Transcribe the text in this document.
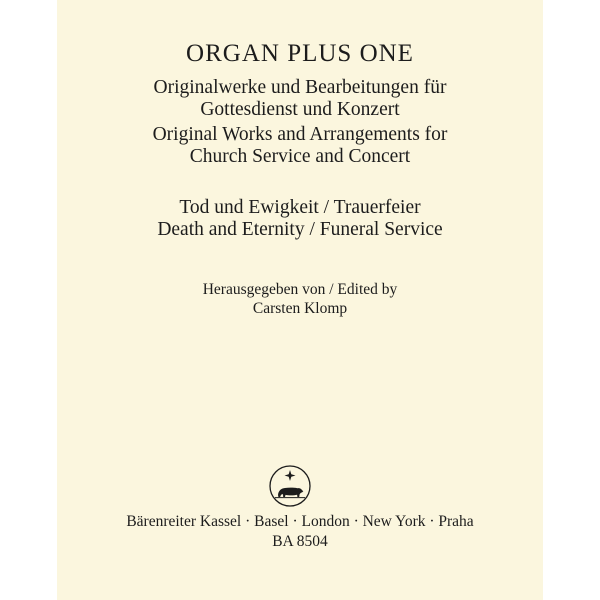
ORGAN PLUS ONE
Originalwerke und Bearbeitungen für
Gottesdienst und Konzert
Original Works and Arrangements for
Church Service and Concert
Tod und Ewigkeit / Trauerfeier
Death and Eternity / Funeral Service
Herausgegeben von / Edited by
Carsten Klomp
Bärenreiter Kassel · Basel · London · New York · Praha
BA 8504
